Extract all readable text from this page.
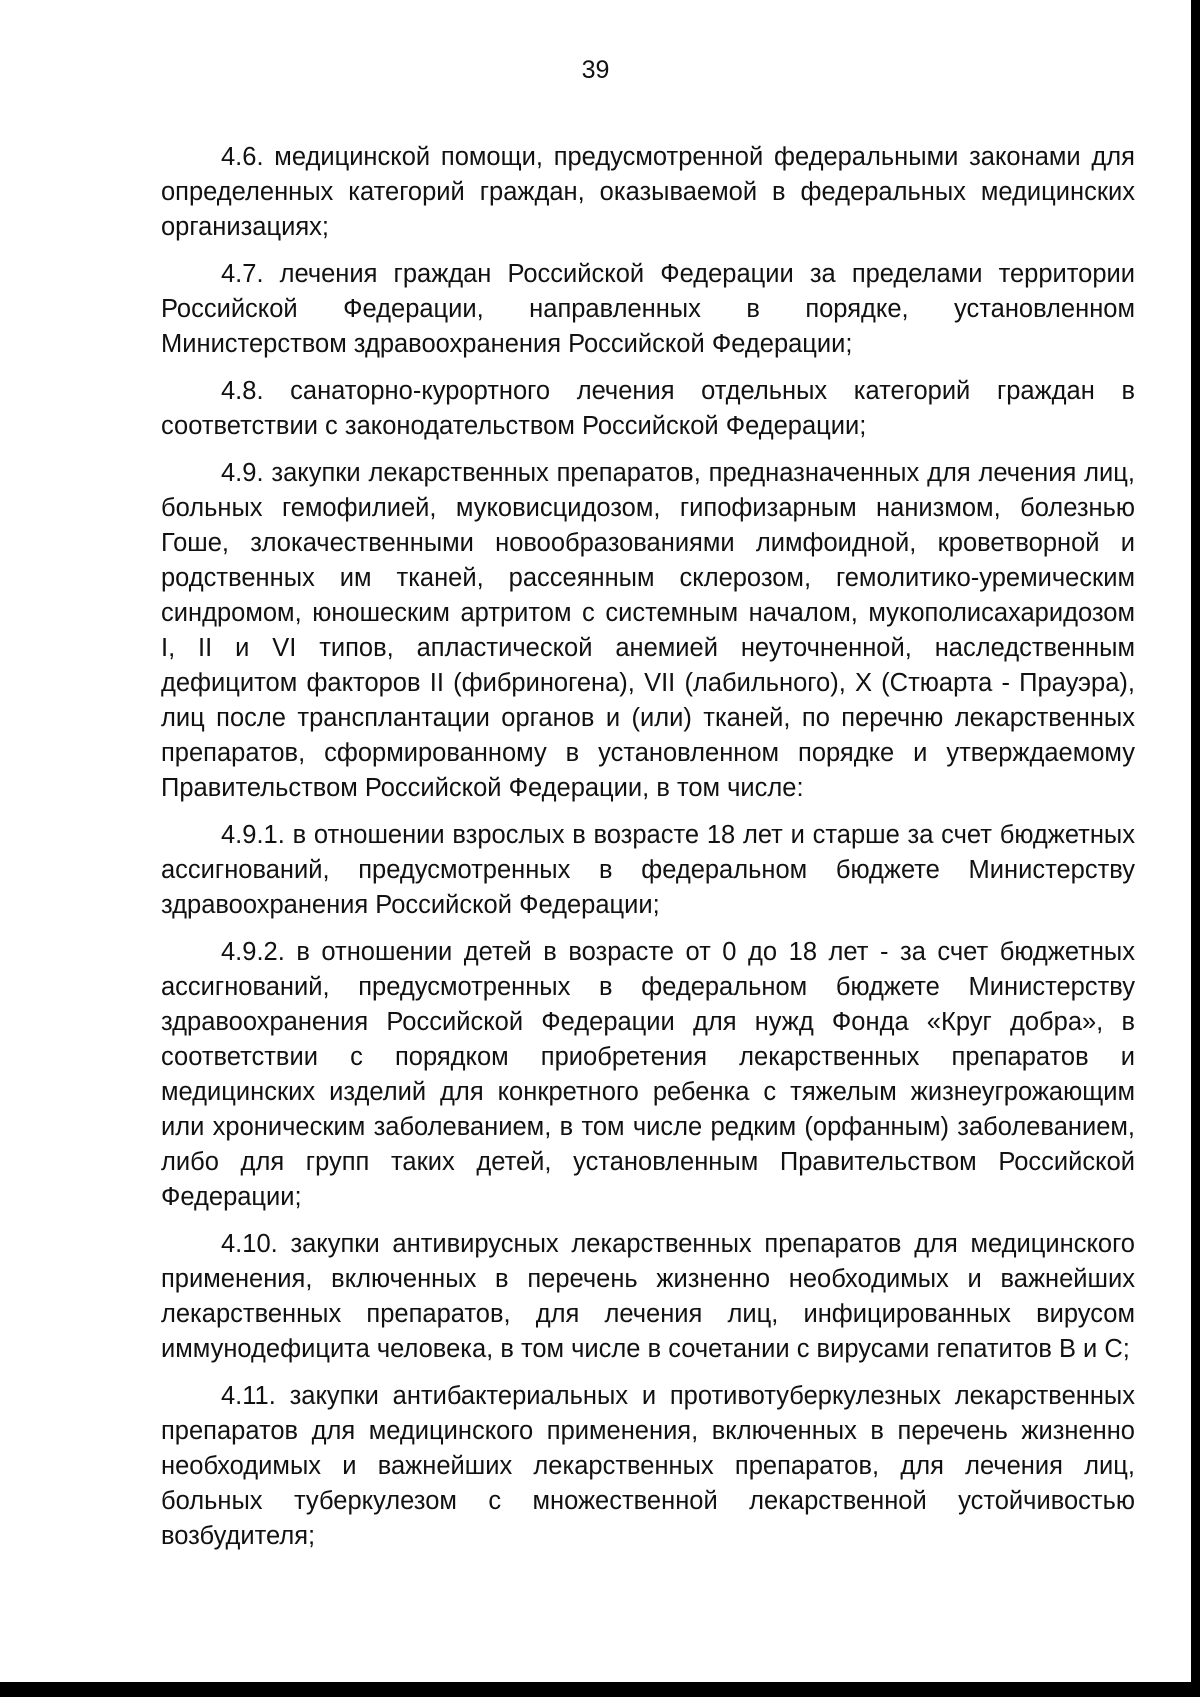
39

4.6. медицинской помощи, предусмотренной федеральными законами для определенных категорий граждан, оказываемой в федеральных медицинских организациях;

4.7. лечения граждан Российской Федерации за пределами территории Российской Федерации, направленных в порядке, установленном Министерством здравоохранения Российской Федерации;

4.8. санаторно-курортного лечения отдельных категорий граждан в соответствии с законодательством Российской Федерации;

4.9. закупки лекарственных препаратов, предназначенных для лечения лиц, больных гемофилией, муковисцидозом, гипофизарным нанизмом, болезнью Гоше, злокачественными новообразованиями лимфоидной, кроветворной и родственных им тканей, рассеянным склерозом, гемолитико-уремическим синдромом, юношеским артритом с системным началом, мукополисахаридозом I, II и VI типов, апластической анемией неуточненной, наследственным дефицитом факторов II (фибриногена), VII (лабильного), X (Стюарта - Прауэра), лиц после трансплантации органов и (или) тканей, по перечню лекарственных препаратов, сформированному в установленном порядке и утверждаемому Правительством Российской Федерации, в том числе:

4.9.1. в отношении взрослых в возрасте 18 лет и старше за счет бюджетных ассигнований, предусмотренных в федеральном бюджете Министерству здравоохранения Российской Федерации;

4.9.2. в отношении детей в возрасте от 0 до 18 лет - за счет бюджетных ассигнований, предусмотренных в федеральном бюджете Министерству здравоохранения Российской Федерации для нужд Фонда «Круг добра», в соответствии с порядком приобретения лекарственных препаратов и медицинских изделий для конкретного ребенка с тяжелым жизнеугрожающим или хроническим заболеванием, в том числе редким (орфанным) заболеванием, либо для групп таких детей, установленным Правительством Российской Федерации;

4.10. закупки антивирусных лекарственных препаратов для медицинского применения, включенных в перечень жизненно необходимых и важнейших лекарственных препаратов, для лечения лиц, инфицированных вирусом иммунодефицита человека, в том числе в сочетании с вирусами гепатитов B и C;

4.11. закупки антибактериальных и противотуберкулезных лекарственных препаратов для медицинского применения, включенных в перечень жизненно необходимых и важнейших лекарственных препаратов, для лечения лиц, больных туберкулезом с множественной лекарственной устойчивостью возбудителя;
